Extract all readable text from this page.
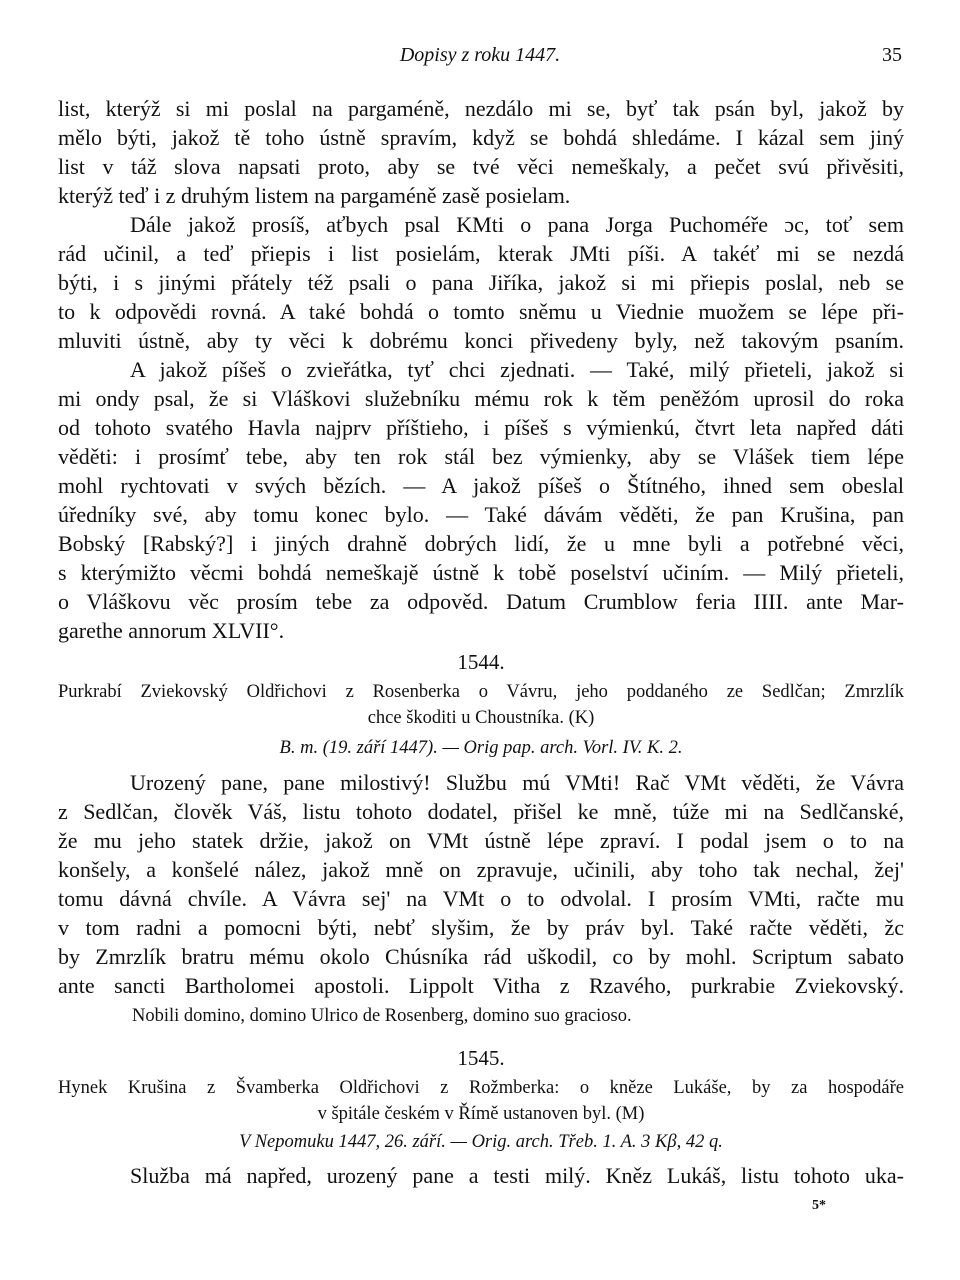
Dopisy z roku 1447.	35
list, kterýž si mi poslal na pargaméně, nezdálo mi se, byť tak psán byl, jakož by
mělo býti, jakož tě toho ústně spravím, když se bohdá shledáme. I kázal sem jiný
list v táž slova napsati proto, aby se tvé věci nemeškaly, a pečet svú přivěsiti,
kterýž teď i z druhým listem na pargaméně zasě posielam.
Dále jakož prosíš, aťbych psal KMti o pana Jorga Puchoméře ɔc, toť sem
rád učinil, a teď přiepis i list posielám, kterak JMti píši. A takéť mi se nezdá
býti, i s jinými přátely též psali o pana Jiříka, jakož si mi přiepis poslal, neb se
to k odpovědi rovná. A také bohdá o tomto sněmu u Viednie muožem se lépe při-
mluviti ústně, aby ty věci k dobrému konci přivedeny byly, než takovým psaním.
A jakož píšeš o zvieřátka, tyť chci zjednati. — Také, milý přieteli, jakož si
mi ondy psal, že si Vláškovi služebníku mému rok k těm peněžóm uprosil do roka
od tohoto svatého Havla najprv příštieho, i píšeš s výmienkú, čtvrt leta napřed dáti
věděti: i prosímť tebe, aby ten rok stál bez výmienky, aby se Vlášek tiem lépe
mohl rychtovati v svých bězích. — A jakož píšeš o Štítného, ihned sem obeslal
úředníky své, aby tomu konec bylo. — Také dávám věděti, že pan Krušina, pan
Bobský [Rabský?] i jiných drahně dobrých lidí, že u mne byli a potřebné věci,
s kterýmižto věcmi bohdá nemeškajě ústně k tobě poselství učiním. — Milý přieteli,
o Vláškovu věc prosím tebe za odpověd. Datum Crumblow feria IIII. ante Mar-
garethe annorum XLVII°.
1544.
Purkrabí Zviekovský Oldřichovi z Rosenberka o Vávru, jeho poddaného ze Sedlčan; Zmrzlík
chce škoditi u Choustníka. (K)
B. m. (19. září 1447). — Orig pap. arch. Vorl. IV. K. 2.
Urozený pane, pane milostivý! Službu mú VMti! Rač VMt věděti, že Vávra
z Sedlčan, člověk Váš, listu tohoto dodatel, přišel ke mně, túže mi na Sedlčanské,
že mu jeho statek držie, jakož on VMt ústně lépe zpraví. I podal jsem o to na
konšely, a konšelé nález, jakož mně on zpravuje, učinili, aby toho tak nechal, žej'
tomu dávná chvíle. A Vávra sej' na VMt o to odvolal. I prosím VMti, račte mu
v tom radni a pomocni býti, nebť slyšim, že by práv byl. Také račte věděti, žc
by Zmrzlík bratru mému okolo Chúsníka rád uškodil, co by mohl. Scriptum sabato
ante sancti Bartholomei apostoli. Lippolt Vitha z Rzavého, purkrabie Zviekovský.
Nobili domino, domino Ulrico de Rosenberg, domino suo gracioso.
1545.
Hynek Krušina z Švamberka Oldřichovi z Rožmberka: o kněze Lukáše, by za hospodáře
v špitále českém v Římě ustanoven byl. (M)
V Nepomuku 1447, 26. září. — Orig. arch. Třeb. 1. A. 3 Kβ, 42 q.
Služba má napřed, urozený pane a testi milý. Kněz Lukáš, listu tohoto uka-
5*
